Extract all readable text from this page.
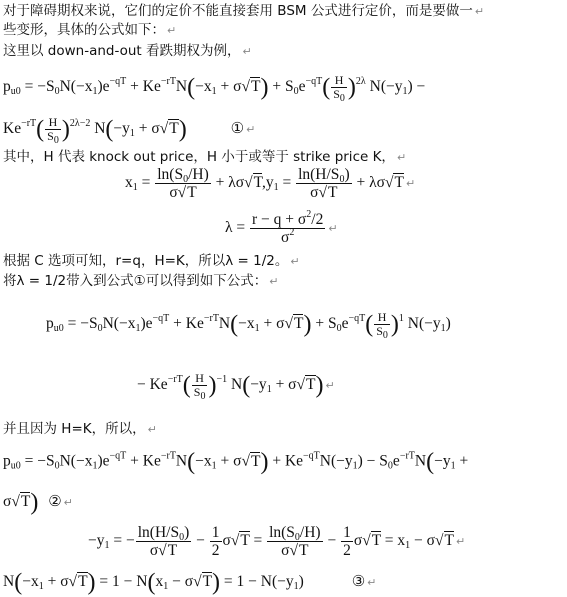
对于障碍期权来说，它们的定价不能直接套用 BSM 公式进行定价，而是要做一 ↵
些变形，具体的公式如下： ↵
这里以 down-and-out 看跌期权为例， ↵
$p_{u0} = -S_0N(-x_1)e^{-qT} + Ke^{-rT}N(-x_1 + \sigma√T) + S_0e^{-qT}( \frac{H}{S_0} )^{2\lambda}$ $N(-y_1)$ −
$Ke^{-rT}( \frac{H}{S_0} )^{2\lambda-2}$ $N(-y_1 + \sigma√T)$	① ↵
其中，H 代表 knock out price，H 小于或等于 strike price K， ↵
$x_1 = \frac{\ln(S_0/H)}{\sigma√T} + \lambda\sigma√T,y_1 = \frac{\ln(H/S_0)}{\sigma√T} + \lambda\sigma√T$ ↵
$\lambda = \frac{r - q + \sigma^2/2}{\sigma^2}$ ↵
根据 C 选项可知，r=q，H=K，所以λ = 1/2。 ↵
将λ = 1/2带入到公式①可以得到如下公式： ↵
$p_{u0} = -S_0N(-x_1)e^{-qT} + Ke^{-rT}N(-x_1 + \sigma√T) + S_0e^{-qT}( \frac{H}{S_0} )^1$ $N(-y_1)$
− $Ke^{-rT}( \frac{H}{S_0} )^{-1}$ $N(-y_1 + \sigma√T)$ ↵
并且因为 H=K，所以， ↵
$p_{u0} = -S_0N(-x_1)e^{-qT} + Ke^{-rT}N(-x_1 + \sigma√T) + Ke^{-qT}N(-y_1) - S_0e^{-rT}N(-y_1$ +
σ√T) ② ↵
$-y_1$ = − $\frac{\ln(H/S_0)}{\sigma√T} - \frac{1}{2} \sigma√T = \frac{\ln(S_0/H)}{\sigma√T} - \frac{1}{2} \sigma√T = x_1 - \sigma√T$ ↵
$N(-x_1 + \sigma√T) = 1 - N(x_1 - \sigma√T) = 1 - N(-y_1)$	③ ↵
